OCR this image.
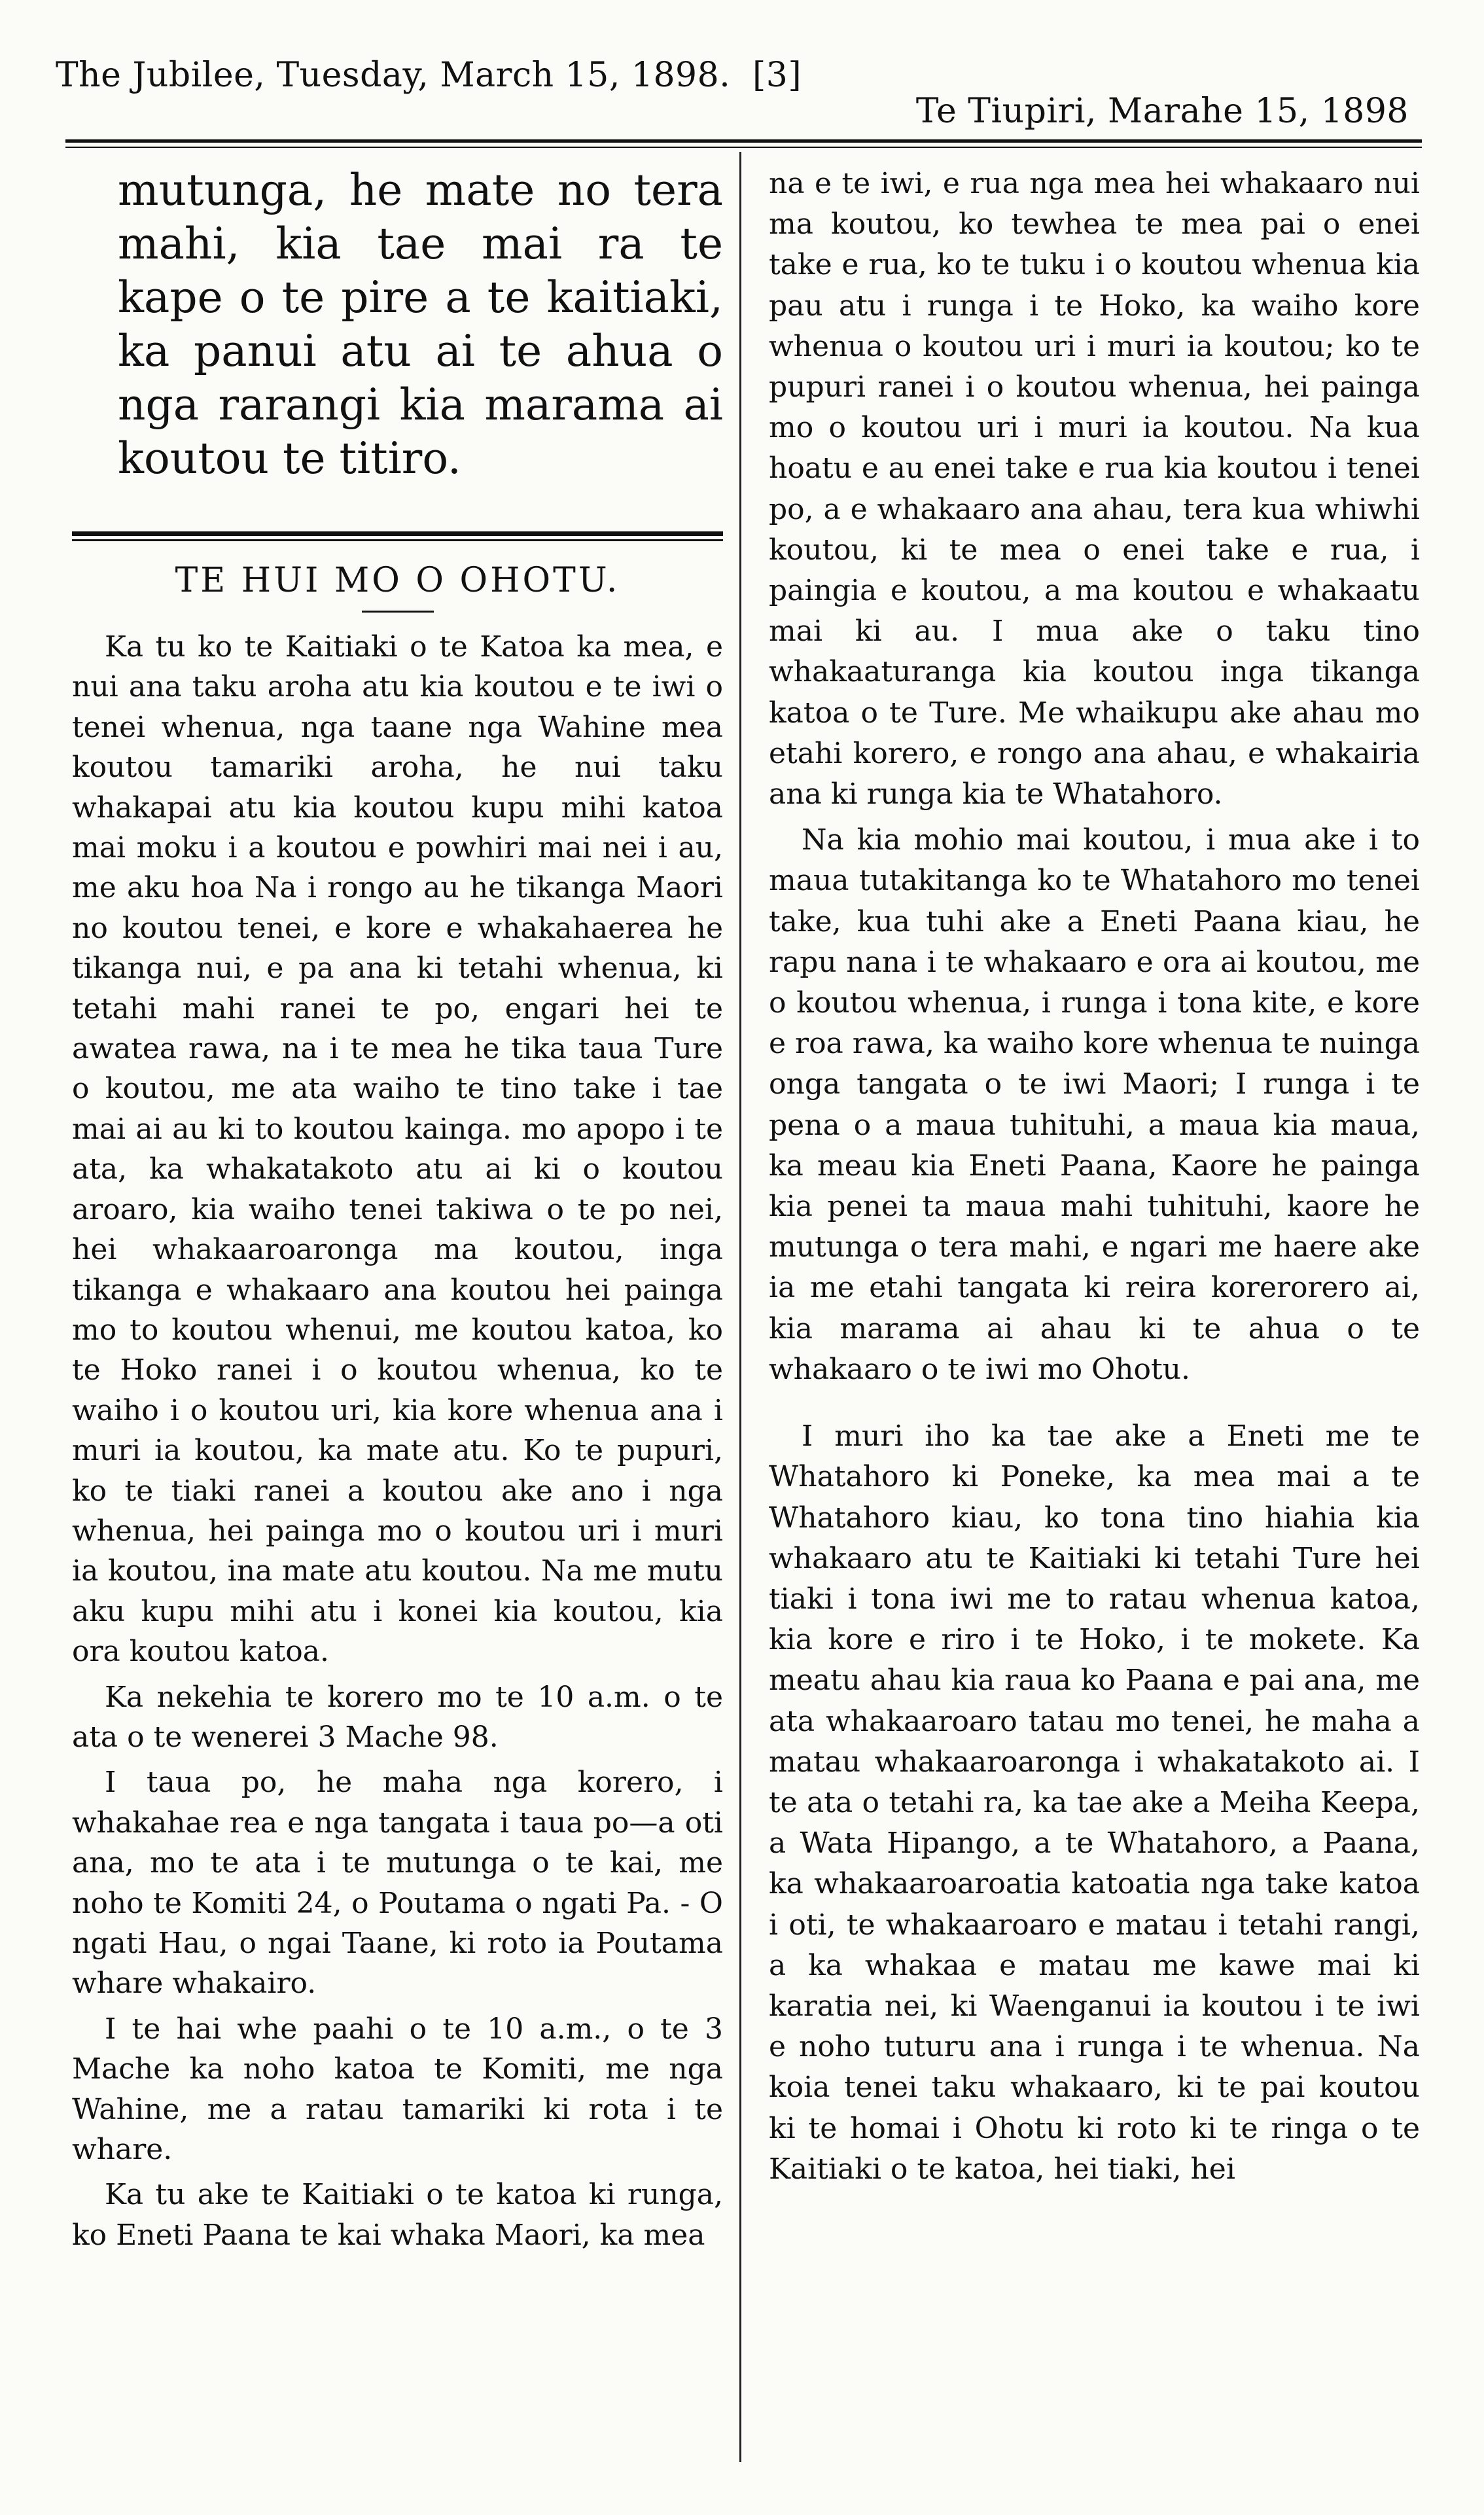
The Jubilee, Tuesday, March 15, 1898. [3]
Te Tiupiri, Marahe 15, 1898

mutunga, he mate no tera mahi, kia tae mai ra te kape o te pire a te kaitiaki, ka panui atu ai te ahua o nga rarangi kia marama ai koutou te titiro.

TE HUI MO O OHOTU.

Ka tu ko te Kaitiaki o te Katoa ka mea, e nui ana taku aroha atu kia koutou e te iwi o tenei whenua, nga taane nga Wahine mea koutou tamariki aroha, he nui taku whakapai atu kia koutou kupu mihi katoa mai moku i a koutou e powhiri mai nei i au, me aku hoa Na i rongo au he tikanga Maori no koutou tenei, e kore e whakahaerea he tikanga nui, e pa ana ki tetahi whenua, ki tetahi mahi ranei te po, engari hei te awatea rawa, na i te mea he tika taua Ture o koutou, me ata waiho te tino take i tae mai ai au ki to koutou kainga. mo apopo i te ata, ka whakatakoto atu ai ki o koutou aroaro, kia waiho tenei takiwa o te po nei, hei whakaaroaronga ma koutou, inga tikanga e whakaaro ana koutou hei painga mo to koutou whenui, me koutou katoa, ko te Hoko ranei i o koutou whenua, ko te waiho i o koutou uri, kia kore whenua ana i muri ia koutou, ka mate atu. Ko te pupuri, ko te tiaki ranei a koutou ake ano i nga whenua, hei painga mo o koutou uri i muri ia koutou, ina mate atu koutou. Na me mutu aku kupu mihi atu i konei kia koutou, kia ora koutou katoa.

Ka nekehia te korero mo te 10 a.m. o te ata o te wenerei 3 Mache 98.

I taua po, he maha nga korero, i whakahae rea e nga tangata i taua po—a oti ana, mo te ata i te mutunga o te kai, me noho te Komiti 24, o Poutama o ngati Pa. - O ngati Hau, o ngai Taane, ki roto ia Poutama whare whakairo.

I te hai whe paahi o te 10 a.m., o te 3 Mache ka noho katoa te Komiti, me nga Wahine, me a ratau tamariki ki rota i te whare.

Ka tu ake te Kaitiaki o te katoa ki runga, ko Eneti Paana te kai whaka Maori, ka mea

na e te iwi, e rua nga mea hei whakaaro nui ma koutou, ko tewhea te mea pai o enei take e rua, ko te tuku i o koutou whenua kia pau atu i runga i te Hoko, ka waiho kore whenua o koutou uri i muri ia koutou; ko te pupuri ranei i o koutou whenua, hei painga mo o koutou uri i muri ia koutou. Na kua hoatu e au enei take e rua kia koutou i tenei po, a e whakaaro ana ahau, tera kua whiwhi koutou, ki te mea o enei take e rua, i paingia e koutou, a ma koutou e whakaatu mai ki au. I mua ake o taku tino whakaaturanga kia koutou inga tikanga katoa o te Ture. Me whaikupu ake ahau mo etahi korero, e rongo ana ahau, e whakairia ana ki runga kia te Whatahoro.

Na kia mohio mai koutou, i mua ake i to maua tutakitanga ko te Whatahoro mo tenei take, kua tuhi ake a Eneti Paana kiau, he rapu nana i te whakaaro e ora ai koutou, me o koutou whenua, i runga i tona kite, e kore e roa rawa, ka waiho kore whenua te nuinga onga tangata o te iwi Maori; I runga i te pena o a maua tuhituhi, a maua kia maua, ka meau kia Eneti Paana, Kaore he painga kia penei ta maua mahi tuhituhi, kaore he mutunga o tera mahi, e ngari me haere ake ia me etahi tangata ki reira korerorero ai, kia marama ai ahau ki te ahua o te whakaaro o te iwi mo Ohotu.

I muri iho ka tae ake a Eneti me te Whatahoro ki Poneke, ka mea mai a te Whatahoro kiau, ko tona tino hiahia kia whakaaro atu te Kaitiaki ki tetahi Ture hei tiaki i tona iwi me to ratau whenua katoa, kia kore e riro i te Hoko, i te mokete. Ka meatu ahau kia raua ko Paana e pai ana, me ata whakaaroaro tatau mo tenei, he maha a matau whakaaroaronga i whakatakoto ai. I te ata o tetahi ra, ka tae ake a Meiha Keepa, a Wata Hipango, a te Whatahoro, a Paana, ka whakaaroaroatia katoatia nga take katoa i oti, te whakaaroaro e matau i tetahi rangi, a ka whakaa e matau me kawe mai ki karatia nei, ki Waenganui ia koutou i te iwi e noho tuturu ana i runga i te whenua. Na koia tenei taku whakaaro, ki te pai koutou ki te homai i Ohotu ki roto ki te ringa o te Kaitiaki o te katoa, hei tiaki, hei
